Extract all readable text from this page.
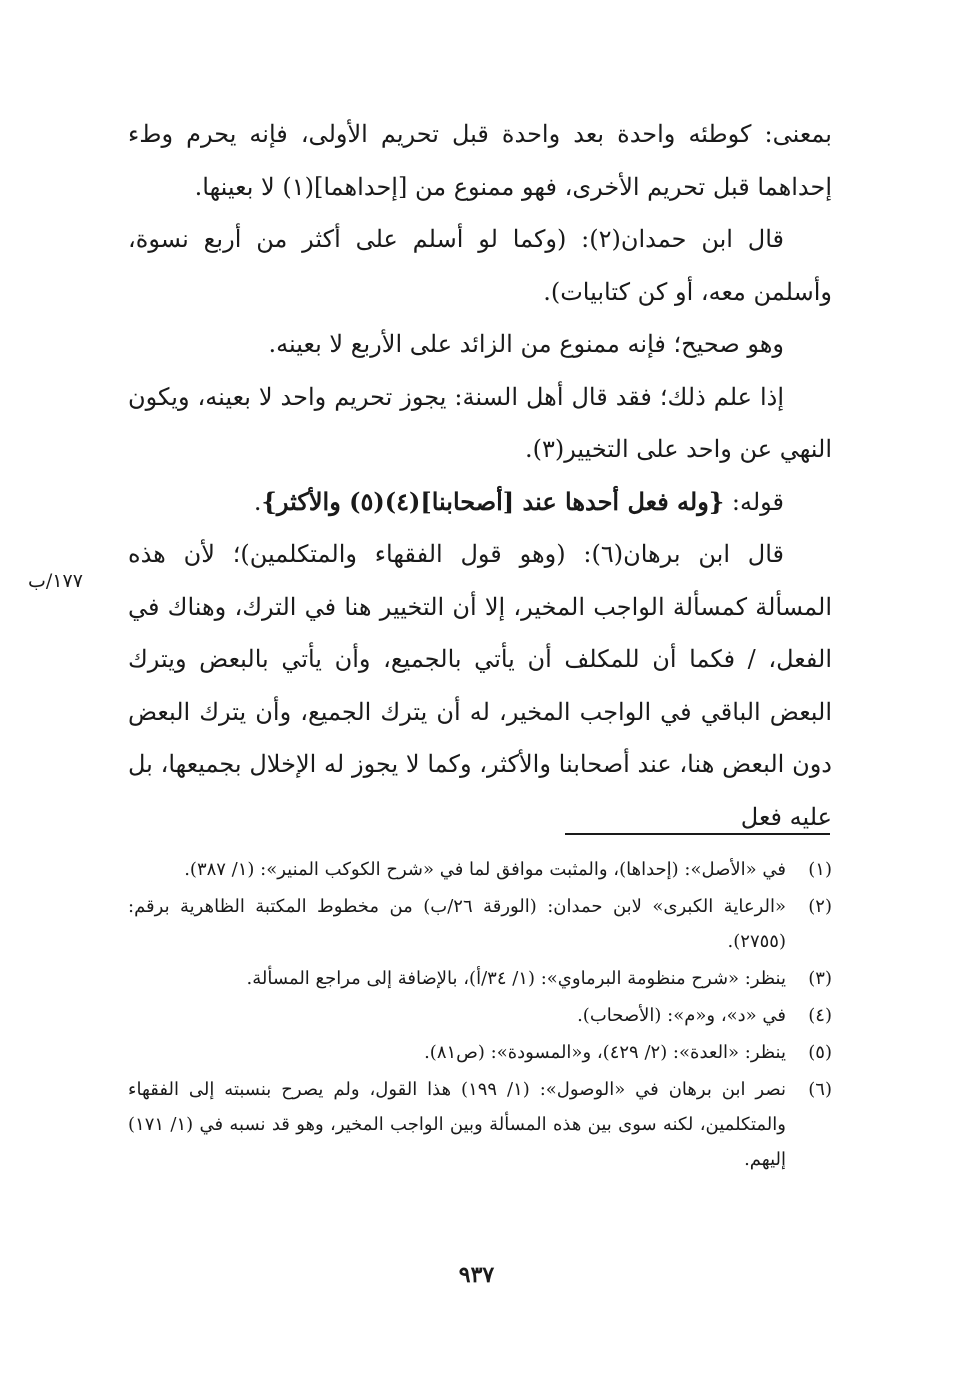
بمعنى: كوطئه واحدة بعد واحدة قبل تحريم الأولى، فإنه يحرم وطء إحداهما قبل تحريم الأخرى، فهو ممنوع من [إحداهما](١) لا بعينها.

قال ابن حمدان(٢): (وكما لو أسلم على أكثر من أربع نسوة، وأسلمن معه، أو كن كتابيات).

وهو صحيح؛ فإنه ممنوع من الزائد على الأربع لا بعينه.

إذا علم ذلك؛ فقد قال أهل السنة: يجوز تحريم واحد لا بعينه، ويكون النهي عن واحد على التخيير(٣).

قوله: {وله فعل أحدها عند [أصحابنا](٤)(٥) والأكثر}.

قال ابن برهان(٦): (وهو قول الفقهاء والمتكلمين)؛ لأن هذه المسألة كمسألة الواجب المخير، إلا أن التخيير هنا في الترك، وهناك في الفعل، / فكما أن للمكلف أن يأتي بالجميع، وأن يأتي بالبعض ويترك البعض الباقي في الواجب المخير، له أن يترك الجميع، وأن يترك البعض دون البعض هنا، عند أصحابنا والأكثر، وكما لا يجوز له الإخلال بجميعها، بل عليه فعل

١٧٧/ب
(١)
في «الأصل»: (إحداها)، والمثبت موافق لما في «شرح الكوكب المنير»: (١/ ٣٨٧).
(٢)
«الرعاية الكبرى» لابن حمدان: (الورقة ٢٦/ب) من مخطوط المكتبة الظاهرية برقم: (٢٧٥٥).
(٣)
ينظر: «شرح منظومة البرماوي»: (١/ ٣٤/أ)، بالإضافة إلى مراجع المسألة.
(٤)
في «د»، و«م»: (الأصحاب).
(٥)
ينظر: «العدة»: (٢/ ٤٢٩)، و«المسودة»: (ص٨١).
(٦)
نصر ابن برهان في «الوصول»: (١/ ١٩٩) هذا القول، ولم يصرح بنسبته إلى الفقهاء والمتكلمين، لكنه سوى بين هذه المسألة وبين الواجب المخير، وهو قد نسبه في (١/ ١٧١) إليهم.
٩٣٧
